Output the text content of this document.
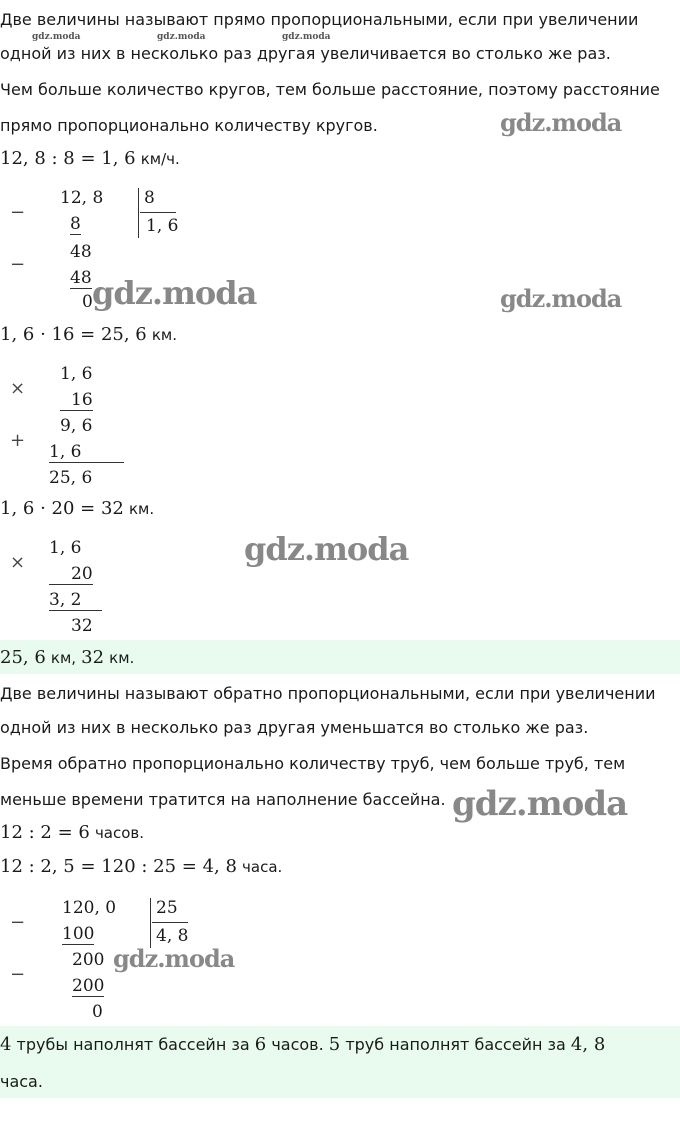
gdz.moda	gdz.moda	gdz.moda
gdz.moda
gdz.moda	gdz.moda
gdz.moda
gdz.moda
gdz.moda
Две величины называют прямо пропорциональными, если при увеличении
одной из них в несколько раз другая увеличивается во столько же раз.
Чем больше количество кругов, тем больше расстояние, поэтому расстояние
прямо пропорционально количеству кругов.
12, 8 : 8 = 1, 6 км/ч.
−
12, 8
8
8
1, 6
−
48
48
0
1, 6 · 16 = 25, 6 км.
×
1, 6
16
9, 6
+
1, 6
25, 6
1, 6 · 20 = 32 км.
×
1, 6
20
3, 2
32
25, 6 км, 32 км.
Две величины называют обратно пропорциональными, если при увеличении
одной из них в несколько раз другая уменьшатся во столько же раз.
Время обратно пропорционально количеству труб, чем больше труб, тем
меньше времени тратится на наполнение бассейна.
12 : 2 = 6 часов.
12 : 2, 5 = 120 : 25 = 4, 8 часа.
−
120, 0
100
25
4, 8
−
200
200
0
4 трубы наполнят бассейн за 6 часов. 5 труб наполнят бассейн за 4, 8
часа.
